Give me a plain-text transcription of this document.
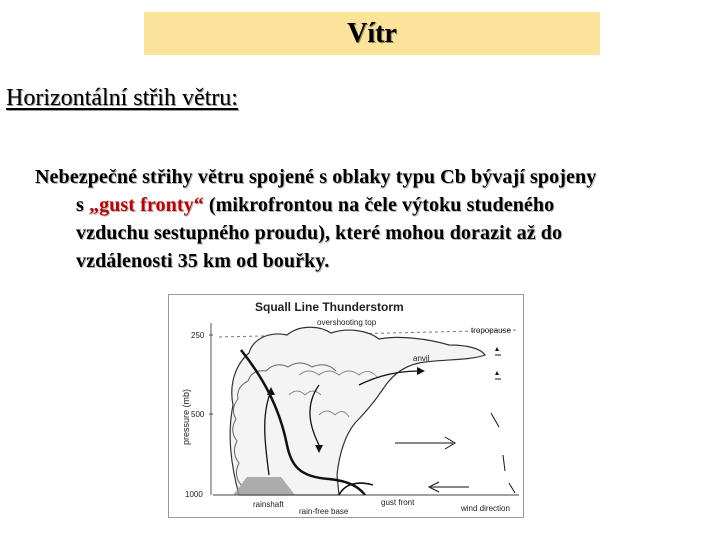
Vítr
Horizontální střih větru:
Nebezpečné střihy větru spojené s oblaky typu Cb bývají spojeny
s „gust fronty“ (mikrofrontou na čele výtoku studeného
vzduchu sestupného proudu), které mohou dorazit až do
vzdálenosti 35 km od bouřky.
Squall Line Thunderstorm
pressure (mb)
250
500
1000
tropopause
overshooting top
anvil
rainshaft
rain-free base
gust front
wind direction
